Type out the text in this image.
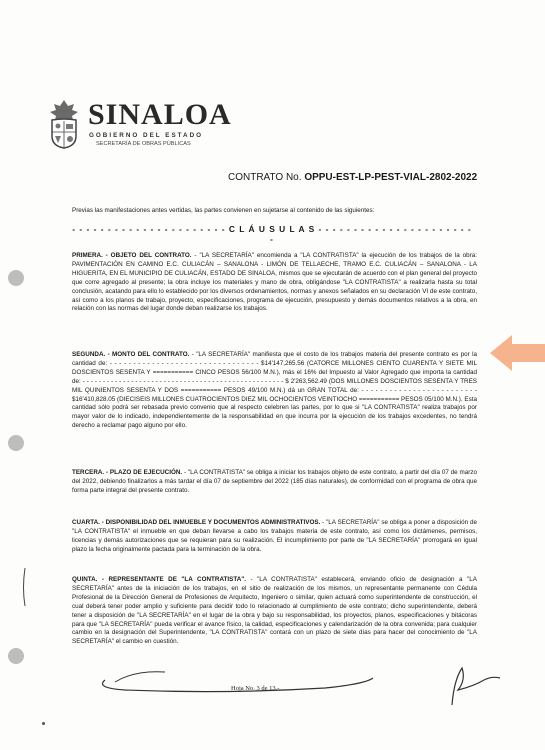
SINALOA
GOBIERNO DEL ESTADO
SECRETARÍA DE OBRAS PÚBLICAS
CONTRATO No. OPPU-EST-LP-PEST-VIAL-2802-2022
Previas las manifestaciones antes vertidas, las partes convienen en sujetarse al contenido de las siguientes:
- - - - - - - - - - - - - - - - - - - - - - C L Á U S U L A S - - - - - - - - - - - - - - - - - - - - - - -

PRIMERA. - OBJETO DEL CONTRATO. - "LA SECRETARÍA" encomienda a "LA CONTRATISTA" la ejecución de los trabajos de la obra: PAVIMENTACIÓN EN CAMINO E.C. CULIACÁN – SANALONA - LIMÓN DE TELLAECHE, TRAMO E.C. CULIACÁN – SANALONA - LA HIGUERITA, EN EL MUNICIPIO DE CULIACÁN, ESTADO DE SINALOA, mismos que se ejecutarán de acuerdo con el plan general del proyecto que corre agregado al presente; la obra incluye los materiales y mano de obra, obligándose "LA CONTRATISTA" a realizarla hasta su total conclusión, acatando para ello lo establecido por los diversos ordenamientos, normas y anexos señalados en su declaración VI de este contrato, así como a los planos de trabajo, proyecto, especificaciones, programa de ejecución, presupuesto y demás documentos relativos a la obra, en relación con las normas del lugar donde deban realizarse los trabajos.

SEGUNDA. - MONTO DEL CONTRATO. - "LA SECRETARÍA" manifiesta que el costo de los trabajos materia del presente contrato es por la cantidad de: - - - - - - - - - - - - - - - - - - - - - - - - - - - - - - - - $14'147,265.56 (CATORCE MILLONES CIENTO CUARENTA Y SIETE MIL DOSCIENTOS SESENTA Y =========== CINCO PESOS 56/100 M.N.), más el 16% del Impuesto al Valor Agregado que importa la cantidad de: - - - - - - - - - - - - - - - - - - - - - - - - - - - - - - - - - - - - - - - - - - - - - - - - - - $ 2'263,562.49 (DOS MILLONES DOSCIENTOS SESENTA Y TRES MIL QUINIENTOS SESENTA Y DOS =========== PESOS 49/100 M.N.) dá un GRAN TOTAL de: - - - - - - - - - - - - - - - - - - - - - - - - - $16'410,828.05 (DIECISEIS MILLONES CUATROCIENTOS DIEZ MIL OCHOCIENTOS VEINTIOCHO =========== PESOS 05/100 M.N.). Esta cantidad sólo podrá ser rebasada previo convenio que al respecto celebren las partes, por lo que si "LA CONTRATISTA" realiza trabajos por mayor valor de lo indicado, independientemente de la responsabilidad en que incurra por la ejecución de los trabajos excedentes, no tendrá derecho a reclamar pago alguno por ello.

TERCERA. - PLAZO DE EJECUCIÓN. - "LA CONTRATISTA" se obliga a iniciar los trabajos objeto de este contrato, a partir del día 07 de marzo del 2022, debiendo finalizarlos a más tardar el día 07 de septiembre del 2022 (185 días naturales), de conformidad con el programa de obra que forma parte integral del presente contrato.

CUARTA. - DISPONIBILIDAD DEL INMUEBLE Y DOCUMENTOS ADMINISTRATIVOS. - "LA SECRETARÍA" se obliga a poner a disposición de "LA CONTRATISTA" el inmueble en que deban llevarse a cabo los trabajos materia de este contrato, así como los dictámenes, permisos, licencias y demás autorizaciones que se requieran para su realización. El incumplimiento por parte de "LA SECRETARÍA" prorrogará en igual plazo la fecha originalmente pactada para la terminación de la obra.

QUINTA. - REPRESENTANTE DE "LA CONTRATISTA". - "LA CONTRATISTA" establecerá, enviando oficio de designación a "LA SECRETARÍA" antes de la iniciación de los trabajos, en el sitio de realización de los mismos, un representante permanente con Cédula Profesional de la Dirección General de Profesiones de Arquitecto, Ingeniero o similar, quien actuará como superintendente de construcción, el cual deberá tener poder amplio y suficiente para decidir todo lo relacionado al cumplimiento de este contrato; dicho superintendente, deberá tener a disposición de "LA SECRETARÍA" en el lugar de la obra y bajo su responsabilidad, los proyectos, planos, especificaciones y bitácoras para que "LA SECRETARÍA" pueda verificar el avance físico, la calidad, especificaciones y calendarización de la obra convenida; para cualquier cambio en la designación del Superintendente, "LA CONTRATISTA" contará con un plazo de siete días para hacer del conocimiento de "LA SECRETARÍA" el cambio en cuestión.

Hoja No. 3 de 13.-
